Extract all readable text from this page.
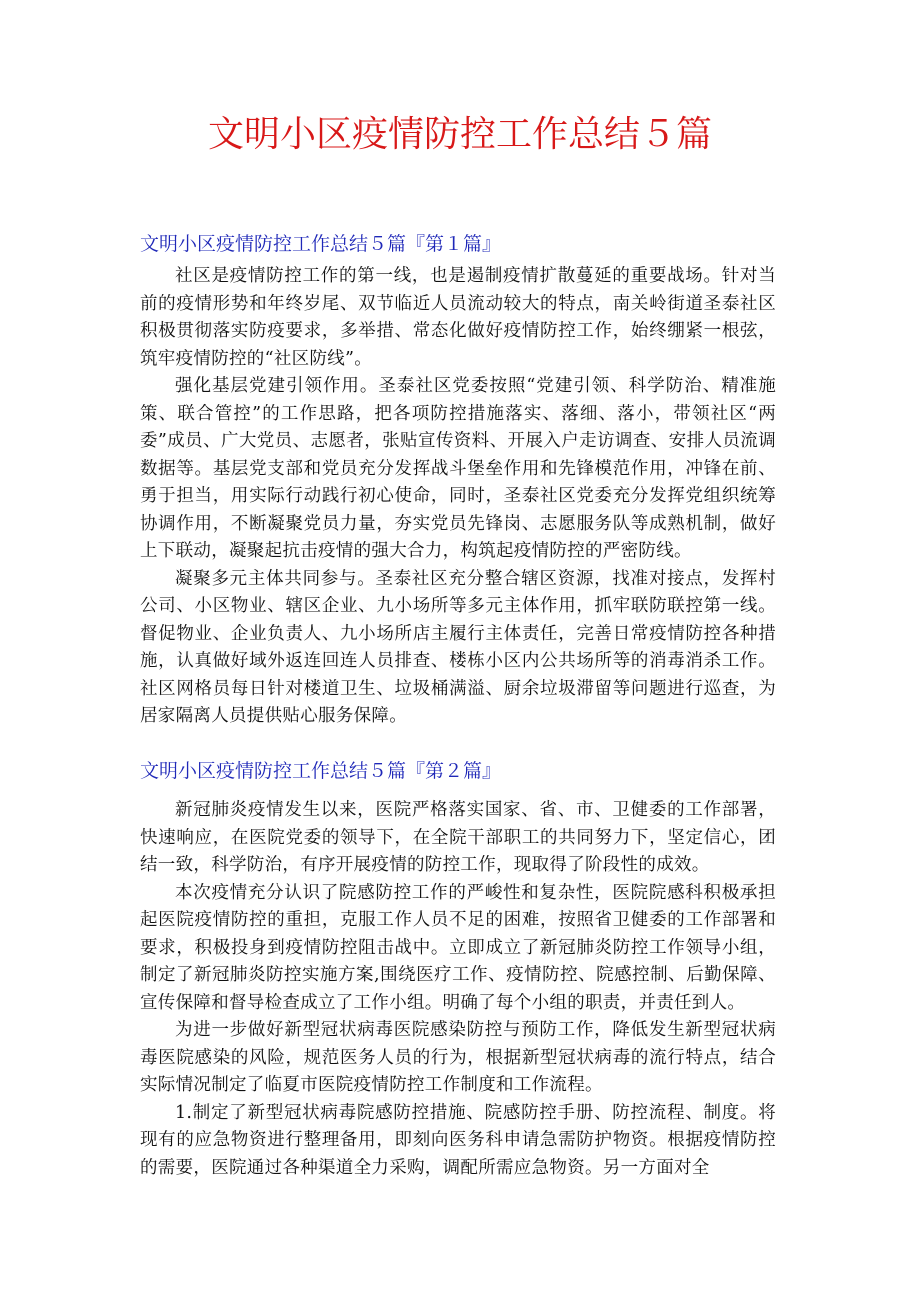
文明小区疫情防控工作总结５篇
文明小区疫情防控工作总结５篇『第１篇』

社区是疫情防控工作的第一线，也是遏制疫情扩散蔓延的重要战场。针对当前的疫情形势和年终岁尾、双节临近人员流动较大的特点，南关岭街道圣泰社区积极贯彻落实防疫要求，多举措、常态化做好疫情防控工作，始终绷紧一根弦，筑牢疫情防控的“社区防线”。

强化基层党建引领作用。圣泰社区党委按照“党建引领、科学防治、精准施策、联合管控”的工作思路，把各项防控措施落实、落细、落小，带领社区“两委”成员、广大党员、志愿者，张贴宣传资料、开展入户走访调查、安排人员流调数据等。基层党支部和党员充分发挥战斗堡垒作用和先锋模范作用，冲锋在前、勇于担当，用实际行动践行初心使命，同时，圣泰社区党委充分发挥党组织统筹协调作用，不断凝聚党员力量，夯实党员先锋岗、志愿服务队等成熟机制，做好上下联动，凝聚起抗击疫情的强大合力，构筑起疫情防控的严密防线。

凝聚多元主体共同参与。圣泰社区充分整合辖区资源，找准对接点，发挥村公司、小区物业、辖区企业、九小场所等多元主体作用，抓牢联防联控第一线。督促物业、企业负责人、九小场所店主履行主体责任，完善日常疫情防控各种措施，认真做好域外返连回连人员排查、楼栋小区内公共场所等的消毒消杀工作。社区网格员每日针对楼道卫生、垃圾桶满溢、厨余垃圾滞留等问题进行巡查，为居家隔离人员提供贴心服务保障。

文明小区疫情防控工作总结５篇『第２篇』

新冠肺炎疫情发生以来，医院严格落实国家、省、市、卫健委的工作部署，快速响应，在医院党委的领导下，在全院干部职工的共同努力下，坚定信心，团结一致，科学防治，有序开展疫情的防控工作，现取得了阶段性的成效。

本次疫情充分认识了院感防控工作的严峻性和复杂性，医院院感科积极承担起医院疫情防控的重担，克服工作人员不足的困难，按照省卫健委的工作部署和要求，积极投身到疫情防控阻击战中。立即成立了新冠肺炎防控工作领导小组，制定了新冠肺炎防控实施方案,围绕医疗工作、疫情防控、院感控制、后勤保障、宣传保障和督导检查成立了工作小组。明确了每个小组的职责，并责任到人。

为进一步做好新型冠状病毒医院感染防控与预防工作，降低发生新型冠状病毒医院感染的风险，规范医务人员的行为，根据新型冠状病毒的流行特点，结合实际情况制定了临夏市医院疫情防控工作制度和工作流程。

1.制定了新型冠状病毒院感防控措施、院感防控手册、防控流程、制度。将现有的应急物资进行整理备用，即刻向医务科申请急需防护物资。根据疫情防控的需要，医院通过各种渠道全力采购，调配所需应急物资。另一方面对全
